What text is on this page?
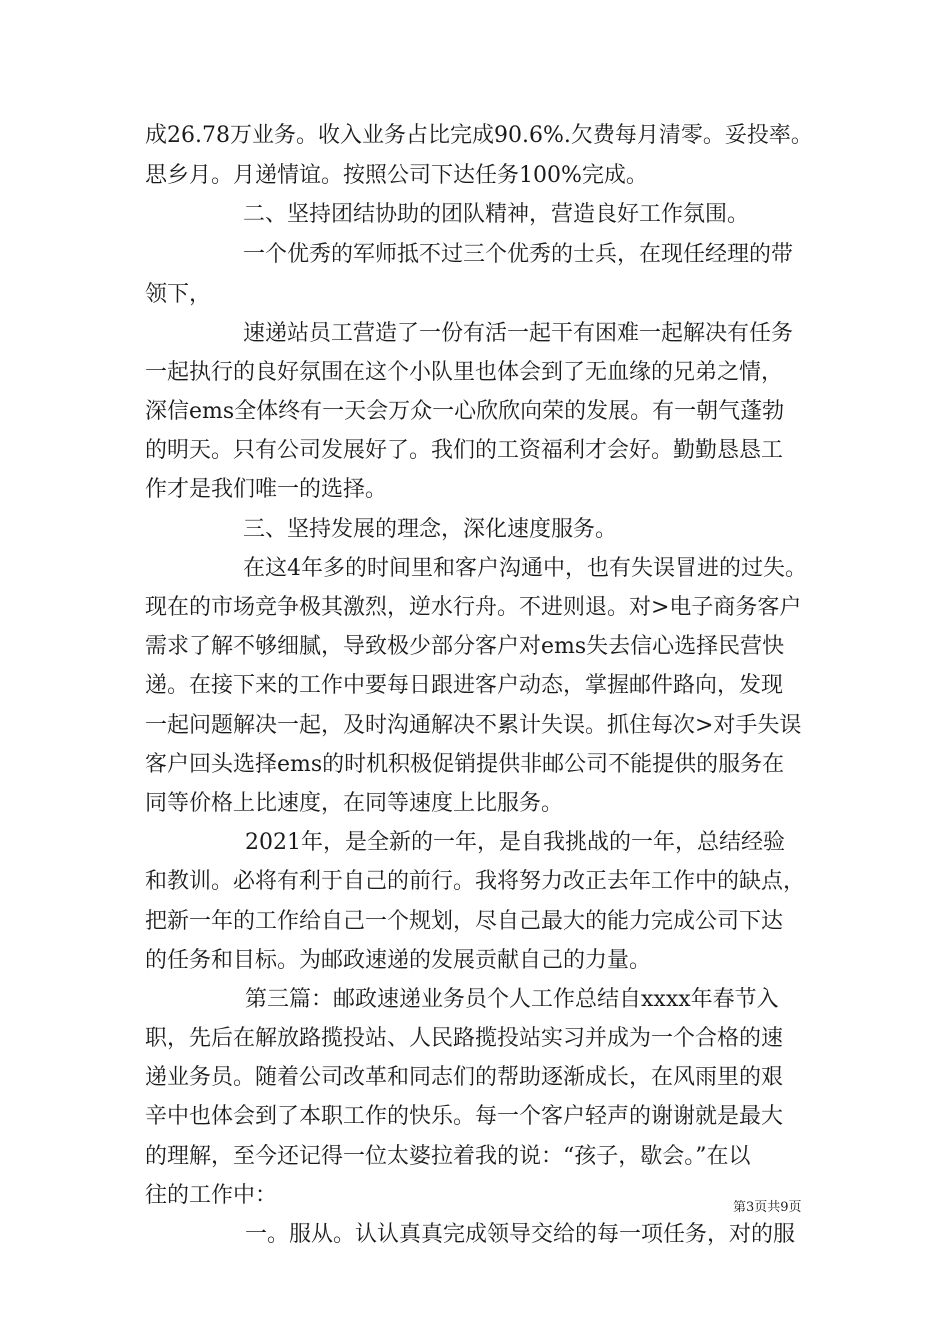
成26.78万业务。收入业务占比完成90.6%.欠费每月清零。妥投率。
思乡月。月递情谊。按照公司下达任务100%完成。
二、坚持团结协助的团队精神，营造良好工作氛围。
一个优秀的军师抵不过三个优秀的士兵，在现任经理的带
领下，
速递站员工营造了一份有活一起干有困难一起解决有任务
一起执行的良好氛围在这个小队里也体会到了无血缘的兄弟之情，
深信ems全体终有一天会万众一心欣欣向荣的发展。有一朝气蓬勃
的明天。只有公司发展好了。我们的工资福利才会好。勤勤恳恳工
作才是我们唯一的选择。
三、坚持发展的理念，深化速度服务。
在这4年多的时间里和客户沟通中，也有失误冒进的过失。
现在的市场竞争极其激烈，逆水行舟。不进则退。对>电子商务客户
需求了解不够细腻，导致极少部分客户对ems失去信心选择民营快
递。在接下来的工作中要每日跟进客户动态，掌握邮件路向，发现
一起问题解决一起，及时沟通解决不累计失误。抓住每次>对手失误
客户回头选择ems的时机积极促销提供非邮公司不能提供的服务在
同等价格上比速度，在同等速度上比服务。
2021年，是全新的一年，是自我挑战的一年，总结经验
和教训。必将有利于自己的前行。我将努力改正去年工作中的缺点，
把新一年的工作给自己一个规划，尽自己最大的能力完成公司下达
的任务和目标。为邮政速递的发展贡献自己的力量。
第三篇：邮政速递业务员个人工作总结自xxxx年春节入
职，先后在解放路揽投站、人民路揽投站实习并成为一个合格的速
递业务员。随着公司改革和同志们的帮助逐渐成长，在风雨里的艰
辛中也体会到了本职工作的快乐。每一个客户轻声的谢谢就是最大
的理解，至今还记得一位太婆拉着我的说：“孩子，歇会。”在以
往的工作中：
一。服从。认认真真完成领导交给的每一项任务，对的服
第3页共9页
